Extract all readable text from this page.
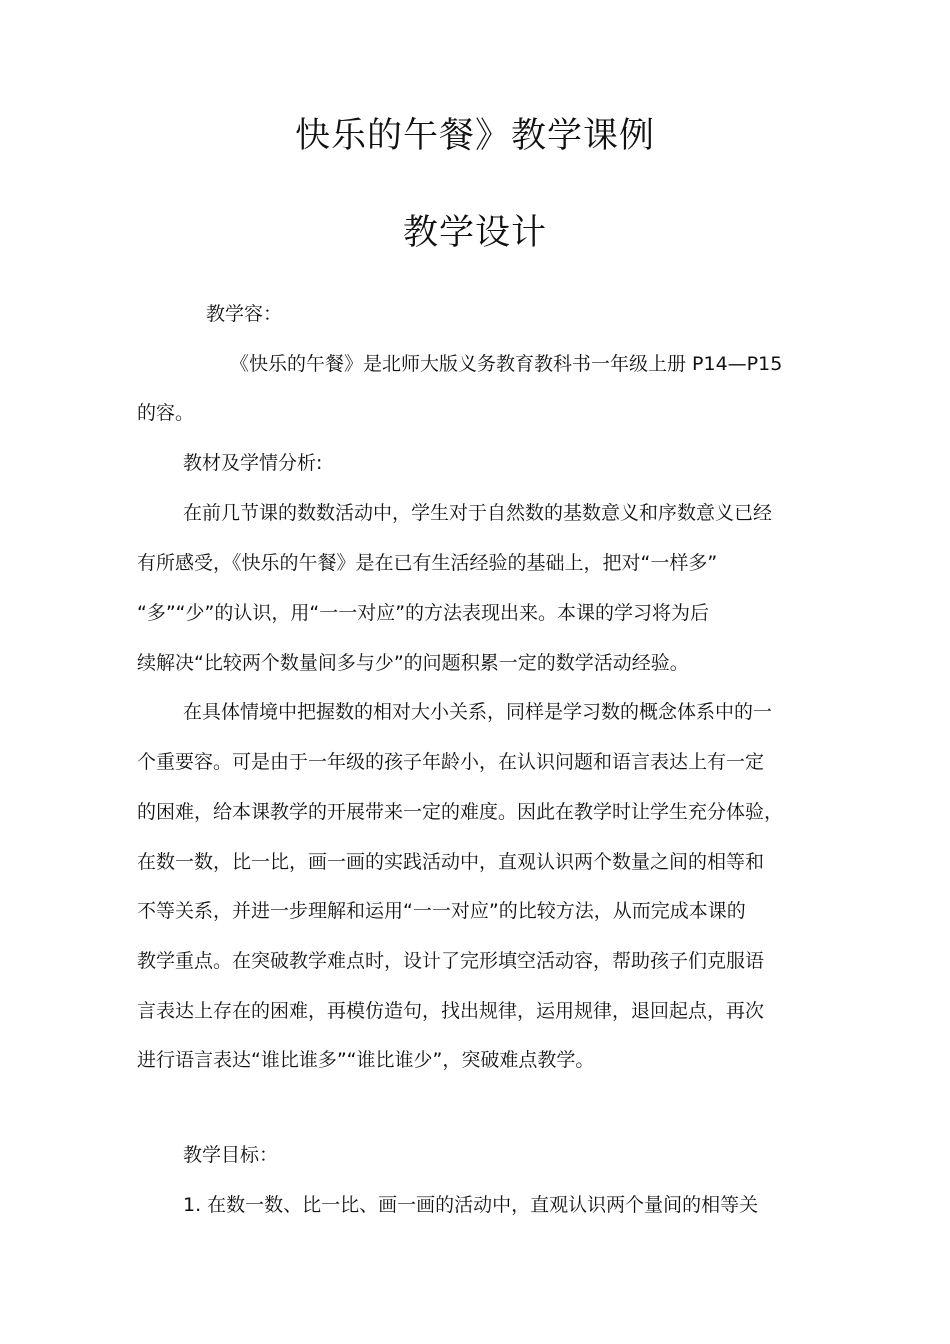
快乐的午餐》教学课例
教学设计
教学容：
《快乐的午餐》是北师大版义务教育教科书一年级上册 P14—P15
的容。
教材及学情分析:
在前几节课的数数活动中，学生对于自然数的基数意义和序数意义已经
有所感受，《快乐的午餐》是在已有生活经验的基础上，把对“一样多”
“多”“少”的认识，用“一一对应”的方法表现出来。本课的学习将为后
续解决“比较两个数量间多与少”的问题积累一定的数学活动经验。
在具体情境中把握数的相对大小关系，同样是学习数的概念体系中的一
个重要容。可是由于一年级的孩子年龄小，在认识问题和语言表达上有一定
的困难，给本课教学的开展带来一定的难度。因此在教学时让学生充分体验，
在数一数，比一比，画一画的实践活动中，直观认识两个数量之间的相等和
不等关系，并进一步理解和运用“一一对应”的比较方法，从而完成本课的
教学重点。在突破教学难点时，设计了完形填空活动容，帮助孩子们克服语
言表达上存在的困难，再模仿造句，找出规律，运用规律，退回起点，再次
进行语言表达“谁比谁多”“谁比谁少”，突破难点教学。
教学目标：
1. 在数一数、比一比、画一画的活动中，直观认识两个量间的相等关
